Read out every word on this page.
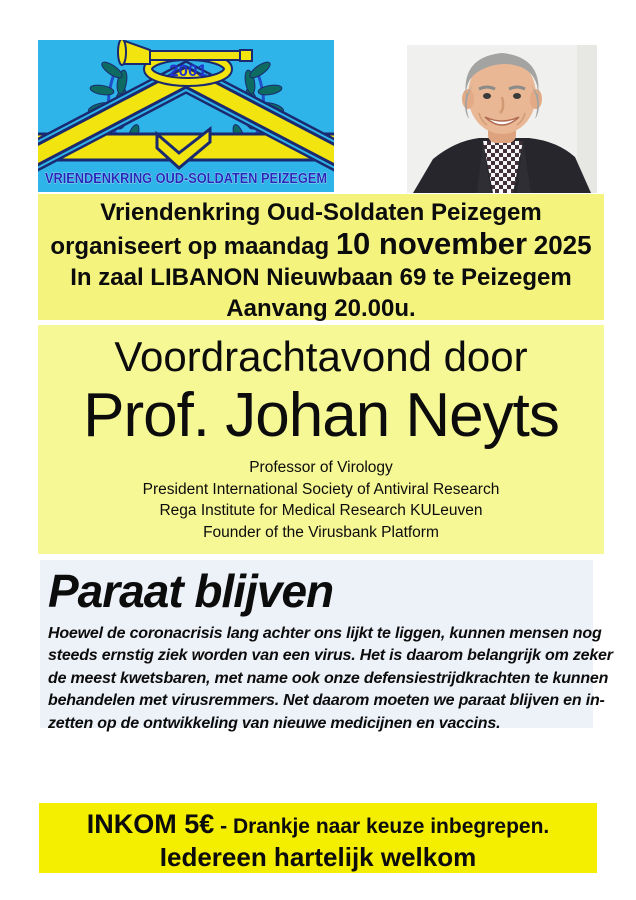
2001
VRIENDENKRING OUD-SOLDATEN PEIZEGEM
Vriendenkring Oud-Soldaten Peizegem
organiseert op maandag 10 november 2025
In zaal LIBANON Nieuwbaan 69 te Peizegem
Aanvang 20.00u.
Voordrachtavond door
Prof. Johan Neyts
Professor of Virology
President International Society of Antiviral Research
Rega Institute for Medical Research KULeuven
Founder of the Virusbank Platform
Paraat blijven
Hoewel de coronacrisis lang achter ons lijkt te liggen, kunnen mensen nog
steeds ernstig ziek worden van een virus. Het is daarom belangrijk om zeker
de meest kwetsbaren, met name ook onze defensiestrijdkrachten te kunnen
behandelen met virusremmers. Net daarom moeten we paraat blijven en in-
zetten op de ontwikkeling van nieuwe medicijnen en vaccins.
INKOM 5€ - Drankje naar keuze inbegrepen.
Iedereen hartelijk welkom
